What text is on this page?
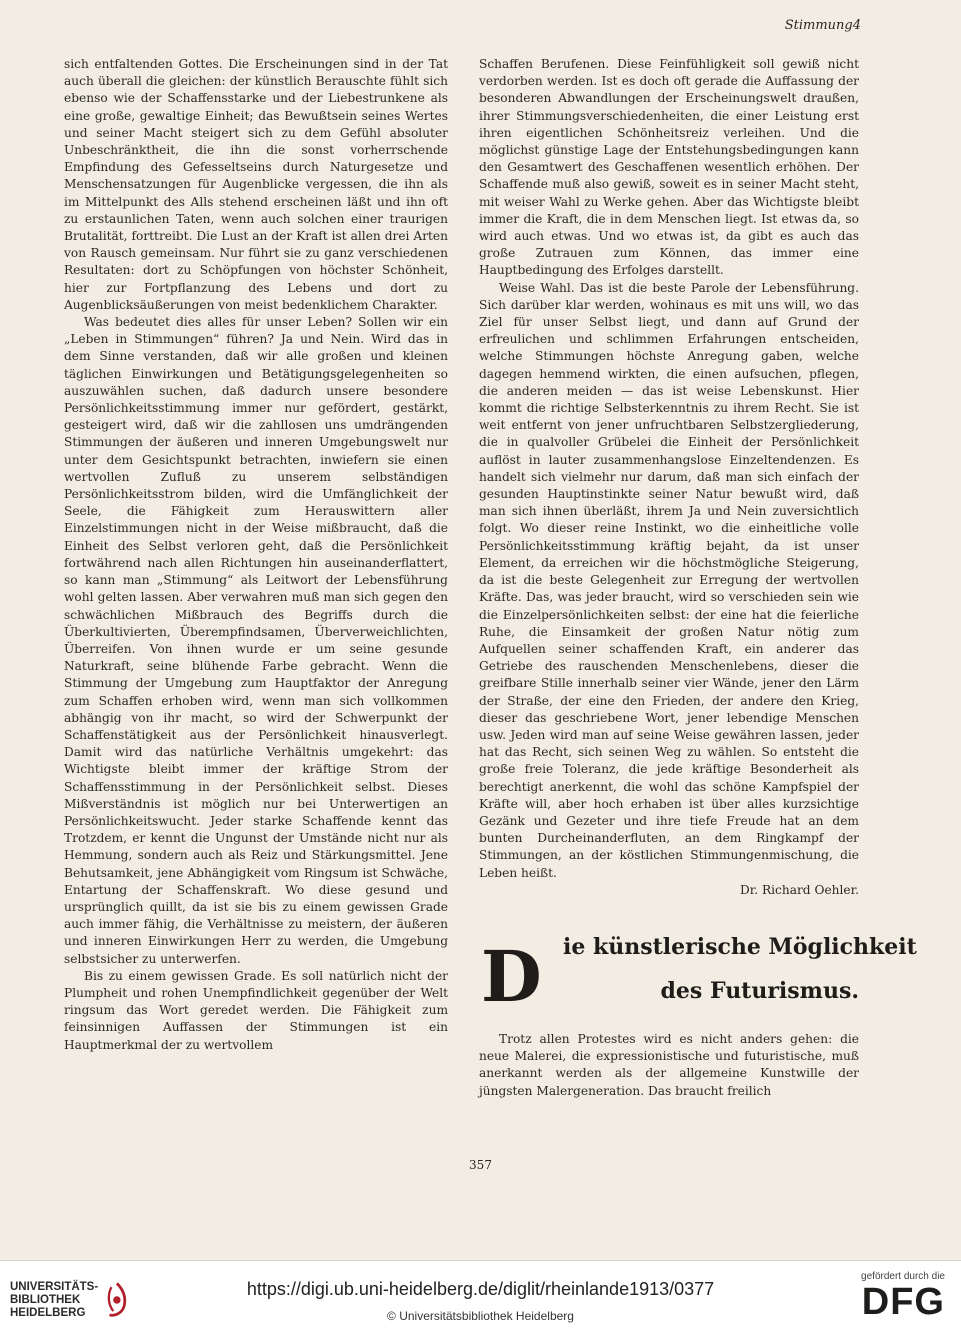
Stimmung4

sich entfaltenden Gottes. Die Erscheinungen sind in der Tat auch überall die gleichen: der künstlich Berauschte fühlt sich ebenso wie der Schaffensstarke und der Liebestrunkene als eine große, gewaltige Einheit; das Bewußtsein seines Wertes und seiner Macht steigert sich zu dem Gefühl absoluter Unbeschränktheit, die ihn die sonst vorherrschende Empfindung des Gefesseltseins durch Naturgesetze und Menschensatzungen für Augenblicke vergessen, die ihn als im Mittelpunkt des Alls stehend erscheinen läßt und ihn oft zu erstaunlichen Taten, wenn auch solchen einer traurigen Brutalität, forttreibt. Die Lust an der Kraft ist allen drei Arten von Rausch gemeinsam. Nur führt sie zu ganz verschiedenen Resultaten: dort zu Schöpfungen von höchster Schönheit, hier zur Fortpflanzung des Lebens und dort zu Augenblicksäußerungen von meist bedenklichem Charakter.

Was bedeutet dies alles für unser Leben? Sollen wir ein „Leben in Stimmungen“ führen? Ja und Nein. Wird das in dem Sinne verstanden, daß wir alle großen und kleinen täglichen Einwirkungen und Betätigungsgelegenheiten so auszuwählen suchen, daß dadurch unsere besondere Persönlichkeitsstimmung immer nur gefördert, gestärkt, gesteigert wird, daß wir die zahllosen uns umdrängenden Stimmungen der äußeren und inneren Umgebungswelt nur unter dem Gesichtspunkt betrachten, inwiefern sie einen wertvollen Zufluß zu unserem selbständigen Persönlichkeitsstrom bilden, wird die Umfänglichkeit der Seele, die Fähigkeit zum Herauswittern aller Einzelstimmungen nicht in der Weise mißbraucht, daß die Einheit des Selbst verloren geht, daß die Persönlichkeit fortwährend nach allen Richtungen hin auseinanderflattert, so kann man „Stimmung“ als Leitwort der Lebensführung wohl gelten lassen. Aber verwahren muß man sich gegen den schwächlichen Mißbrauch des Begriffs durch die Überkultivierten, Überempfindsamen, Überverweichlichten, Überreifen. Von ihnen wurde er um seine gesunde Naturkraft, seine blühende Farbe gebracht. Wenn die Stimmung der Umgebung zum Hauptfaktor der Anregung zum Schaffen erhoben wird, wenn man sich vollkommen abhängig von ihr macht, so wird der Schwerpunkt der Schaffenstätigkeit aus der Persönlichkeit hinausverlegt. Damit wird das natürliche Verhältnis umgekehrt: das Wichtigste bleibt immer der kräftige Strom der Schaffensstimmung in der Persönlichkeit selbst. Dieses Mißverständnis ist möglich nur bei Unterwertigen an Persönlichkeitswucht. Jeder starke Schaffende kennt das Trotzdem, er kennt die Ungunst der Umstände nicht nur als Hemmung, sondern auch als Reiz und Stärkungsmittel. Jene Behutsamkeit, jene Abhängigkeit vom Ringsum ist Schwäche, Entartung der Schaffenskraft. Wo diese gesund und ursprünglich quillt, da ist sie bis zu einem gewissen Grade auch immer fähig, die Verhältnisse zu meistern, der äußeren und inneren Einwirkungen Herr zu werden, die Umgebung selbstsicher zu unterwerfen.

Bis zu einem gewissen Grade. Es soll natürlich nicht der Plumpheit und rohen Unempfindlichkeit gegenüber der Welt ringsum das Wort geredet werden. Die Fähigkeit zum feinsinnigen Auffassen der Stimmungen ist ein Hauptmerkmal der zu wertvollem

Schaffen Berufenen. Diese Feinfühligkeit soll gewiß nicht verdorben werden. Ist es doch oft gerade die Auffassung der besonderen Abwandlungen der Erscheinungswelt draußen, ihrer Stimmungsverschiedenheiten, die einer Leistung erst ihren eigentlichen Schönheitsreiz verleihen. Und die möglichst günstige Lage der Entstehungsbedingungen kann den Gesamtwert des Geschaffenen wesentlich erhöhen. Der Schaffende muß also gewiß, soweit es in seiner Macht steht, mit weiser Wahl zu Werke gehen. Aber das Wichtigste bleibt immer die Kraft, die in dem Menschen liegt. Ist etwas da, so wird auch etwas. Und wo etwas ist, da gibt es auch das große Zutrauen zum Können, das immer eine Hauptbedingung des Erfolges darstellt.

Weise Wahl. Das ist die beste Parole der Lebensführung. Sich darüber klar werden, wohinaus es mit uns will, wo das Ziel für unser Selbst liegt, und dann auf Grund der erfreulichen und schlimmen Erfahrungen entscheiden, welche Stimmungen höchste Anregung gaben, welche dagegen hemmend wirkten, die einen aufsuchen, pflegen, die anderen meiden — das ist weise Lebenskunst. Hier kommt die richtige Selbsterkenntnis zu ihrem Recht. Sie ist weit entfernt von jener unfruchtbaren Selbstzergliederung, die in qualvoller Grübelei die Einheit der Persönlichkeit auflöst in lauter zusammenhangslose Einzeltendenzen. Es handelt sich vielmehr nur darum, daß man sich einfach der gesunden Hauptinstinkte seiner Natur bewußt wird, daß man sich ihnen überläßt, ihrem Ja und Nein zuversichtlich folgt. Wo dieser reine Instinkt, wo die einheitliche volle Persönlichkeitsstimmung kräftig bejaht, da ist unser Element, da erreichen wir die höchstmögliche Steigerung, da ist die beste Gelegenheit zur Erregung der wertvollen Kräfte. Das, was jeder braucht, wird so verschieden sein wie die Einzelpersönlichkeiten selbst: der eine hat die feierliche Ruhe, die Einsamkeit der großen Natur nötig zum Aufquellen seiner schaffenden Kraft, ein anderer das Getriebe des rauschenden Menschenlebens, dieser die greifbare Stille innerhalb seiner vier Wände, jener den Lärm der Straße, der eine den Frieden, der andere den Krieg, dieser das geschriebene Wort, jener lebendige Menschen usw. Jeden wird man auf seine Weise gewähren lassen, jeder hat das Recht, sich seinen Weg zu wählen. So entsteht die große freie Toleranz, die jede kräftige Besonderheit als berechtigt anerkennt, die wohl das schöne Kampfspiel der Kräfte will, aber hoch erhaben ist über alles kurzsichtige Gezänk und Gezeter und ihre tiefe Freude hat an dem bunten Durcheinanderfluten, an dem Ringkampf der Stimmungen, an der köstlichen Stimmungenmischung, die Leben heißt.

Dr. Richard Oehler.

D ie künstlerische Möglichkeit
des Futurismus.

Trotz allen Protestes wird es nicht anders gehen: die neue Malerei, die expressionistische und futuristische, muß anerkannt werden als der allgemeine Kunstwille der jüngsten Malergeneration. Das braucht freilich

357
UNIVERSITÄTS-
BIBLIOTHEK
HEIDELBERG
https://digi.ub.uni-heidelberg.de/diglit/rheinlande1913/0377
© Universitätsbibliothek Heidelberg
gefördert durch die
DFG
